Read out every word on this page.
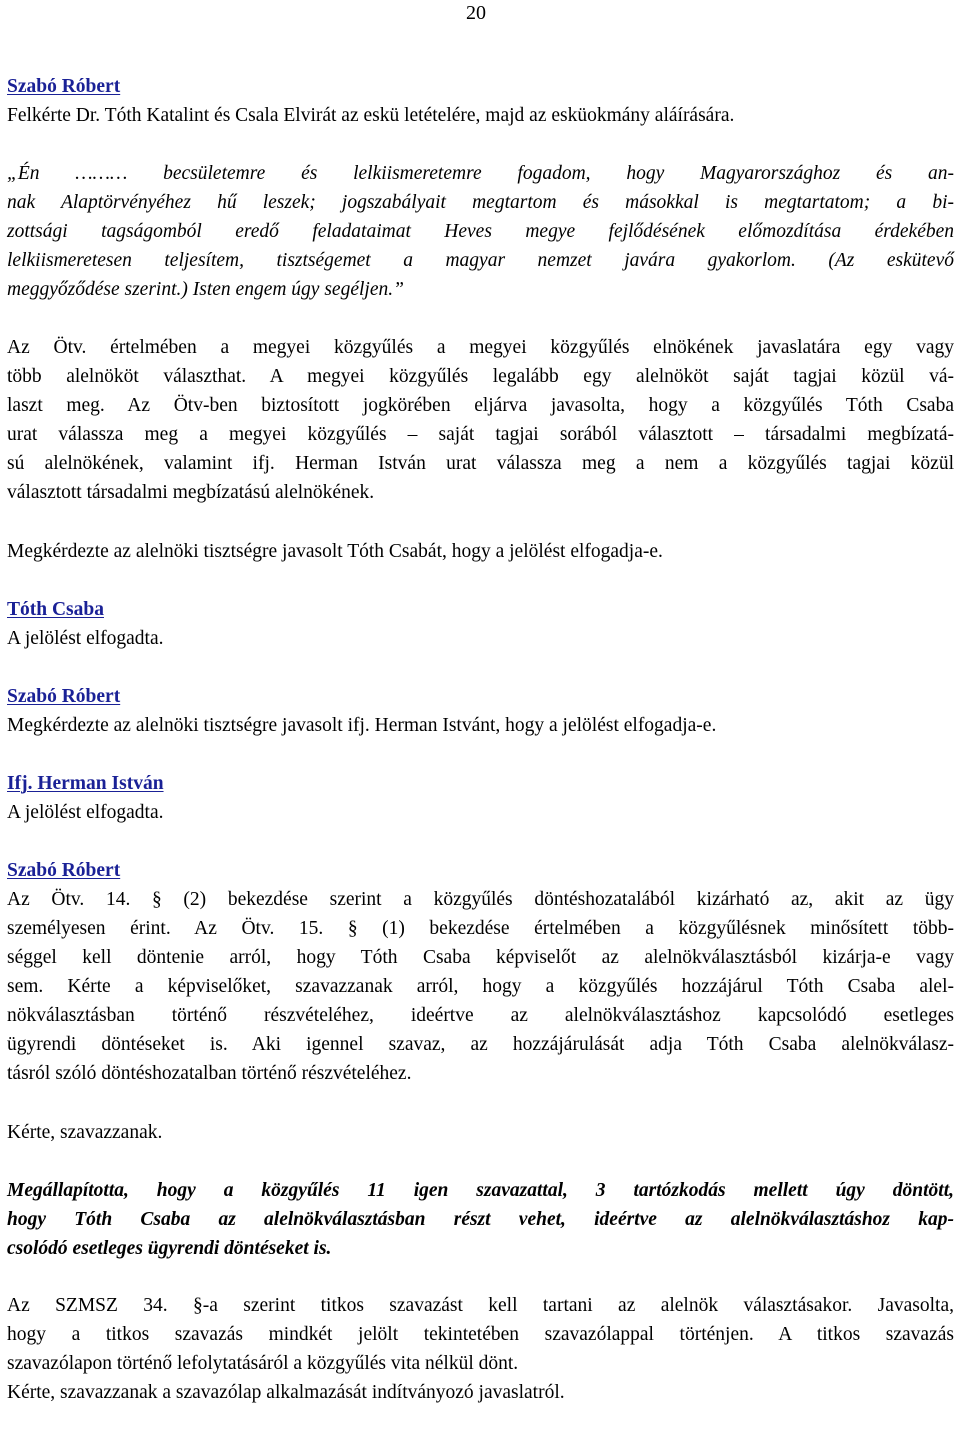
20
Szabó Róbert
Felkérte Dr. Tóth Katalint és Csala Elvirát az eskü letételére, majd az esküokmány aláírására.
„Én ……… becsületemre és lelkiismeretemre fogadom, hogy Magyarországhoz és an-
nak Alaptörvényéhez hű leszek; jogszabályait megtartom és másokkal is megtartatom; a bi-
zottsági tagságomból eredő feladataimat Heves megye fejlődésének előmozdítása érdekében
lelkiismeretesen teljesítem, tisztségemet a magyar nemzet javára gyakorlom. (Az eskütevő
meggyőződése szerint.) Isten engem úgy segéljen.”
Az Ötv. értelmében a megyei közgyűlés a megyei közgyűlés elnökének javaslatára egy vagy
több alelnököt választhat. A megyei közgyűlés legalább egy alelnököt saját tagjai közül vá-
laszt meg. Az Ötv-ben biztosított jogkörében eljárva javasolta, hogy a közgyűlés Tóth Csaba
urat válassza meg a megyei közgyűlés – saját tagjai sorából választott – társadalmi megbízatá-
sú alelnökének, valamint ifj. Herman István urat válassza meg a nem a közgyűlés tagjai közül
választott társadalmi megbízatású alelnökének.
Megkérdezte az alelnöki tisztségre javasolt Tóth Csabát, hogy a jelölést elfogadja-e.
Tóth Csaba
A jelölést elfogadta.
Szabó Róbert
Megkérdezte az alelnöki tisztségre javasolt ifj. Herman Istvánt, hogy a jelölést elfogadja-e.
Ifj. Herman István
A jelölést elfogadta.
Szabó Róbert
Az Ötv. 14. § (2) bekezdése szerint a közgyűlés döntéshozatalából kizárható az, akit az ügy
személyesen érint. Az Ötv. 15. § (1) bekezdése értelmében a közgyűlésnek minősített több-
séggel kell döntenie arról, hogy Tóth Csaba képviselőt az alelnökválasztásból kizárja-e vagy
sem. Kérte a képviselőket, szavazzanak arról, hogy a közgyűlés hozzájárul Tóth Csaba alel-
nökválasztásban történő részvételéhez, ideértve az alelnökválasztáshoz kapcsolódó esetleges
ügyrendi döntéseket is. Aki igennel szavaz, az hozzájárulását adja Tóth Csaba alelnökválasz-
tásról szóló döntéshozatalban történő részvételéhez.
Kérte, szavazzanak.
Megállapította, hogy a közgyűlés 11 igen szavazattal, 3 tartózkodás mellett úgy döntött,
hogy Tóth Csaba az alelnökválasztásban részt vehet, ideértve az alelnökválasztáshoz kap-
csolódó esetleges ügyrendi döntéseket is.
Az SZMSZ 34. §-a szerint titkos szavazást kell tartani az alelnök választásakor. Javasolta,
hogy a titkos szavazás mindkét jelölt tekintetében szavazólappal történjen. A titkos szavazás
szavazólapon történő lefolytatásáról a közgyűlés vita nélkül dönt.
Kérte, szavazzanak a szavazólap alkalmazását indítványozó javaslatról.
